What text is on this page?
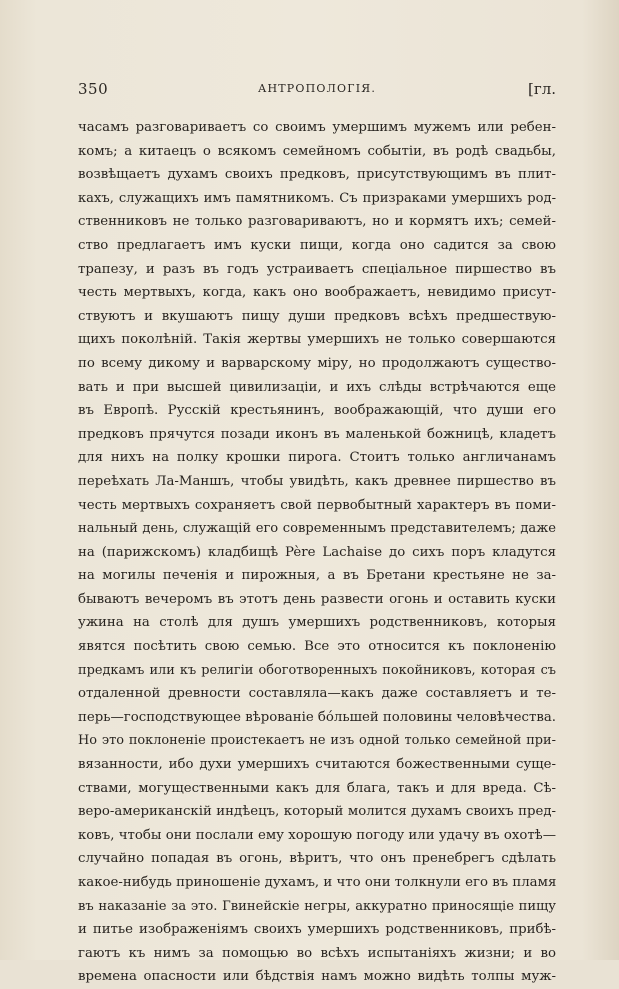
350	АНТРОПОЛОГІЯ.	[гл.
часамъ разговариваетъ со своимъ умершимъ мужемъ или ребен-
комъ; а китаецъ о всякомъ семейномъ событіи, въ родѣ свадьбы,
возвѣщаетъ духамъ своихъ предковъ, присутствующимъ въ плит-
кахъ, служащихъ имъ памятникомъ. Съ призраками умершихъ род-
ственниковъ не только разговариваютъ, но и кормятъ ихъ; семей-
ство предлагаетъ имъ куски пищи, когда оно садится за свою
трапезу, и разъ въ годъ устраиваетъ спеціальное пиршество въ
честь мертвыхъ, когда, какъ оно воображаетъ, невидимо присут-
ствуютъ и вкушаютъ пищу души предковъ всѣхъ предшествую-
щихъ поколѣній. Такія жертвы умершихъ не только совершаются
по всему дикому и варварскому міру, но продолжаютъ существо-
вать и при высшей цивилизаціи, и ихъ слѣды встрѣчаются еще
въ Европѣ. Русскій крестьянинъ, воображающій, что души его
предковъ прячутся позади иконъ въ маленькой божницѣ, кладетъ
для нихъ на полку крошки пирога. Стоитъ только англичанамъ
переѣхать Ла-Маншъ, чтобы увидѣть, какъ древнее пиршество въ
честь мертвыхъ сохраняетъ свой первобытный характеръ въ поми-
нальный день, служащій его современнымъ представителемъ; даже
на (парижскомъ) кладбищѣ Père Lachaise до сихъ поръ кладутся
на могилы печенія и пирожныя, а въ Бретани крестьяне не за-
бываютъ вечеромъ въ этотъ день развести огонь и оставить куски
ужина на столѣ для душъ умершихъ родственниковъ, которыя
явятся посѣтить свою семью. Все это относится къ поклоненію
предкамъ или къ религіи обоготворенныхъ покойниковъ, которая съ
отдаленной древности составляла—какъ даже составляетъ и те-
перь—господствующее вѣрованіе бóльшей половины человѣчества.
Но это поклоненіе проистекаетъ не изъ одной только семейной при-
вязанности, ибо духи умершихъ считаются божественными суще-
ствами, могущественными какъ для блага, такъ и для вреда. Сѣ-
веро-американскій индѣецъ, который молится духамъ своихъ пред-
ковъ, чтобы они послали ему хорошую погоду или удачу въ охотѣ—
случайно попадая въ огонь, вѣритъ, что онъ пренебрегъ сдѣлать
какое-нибудь приношеніе духамъ, и что они толкнули его въ пламя
въ наказаніе за это. Гвинейскіе негры, аккуратно приносящіе пищу
и питье изображеніямъ своихъ умершихъ родственниковъ, прибѣ-
гаютъ къ нимъ за помощью во всѣхъ испытаніяхъ жизни; и во
времена опасности или бѣдствія намъ можно видѣть толпы муж-
